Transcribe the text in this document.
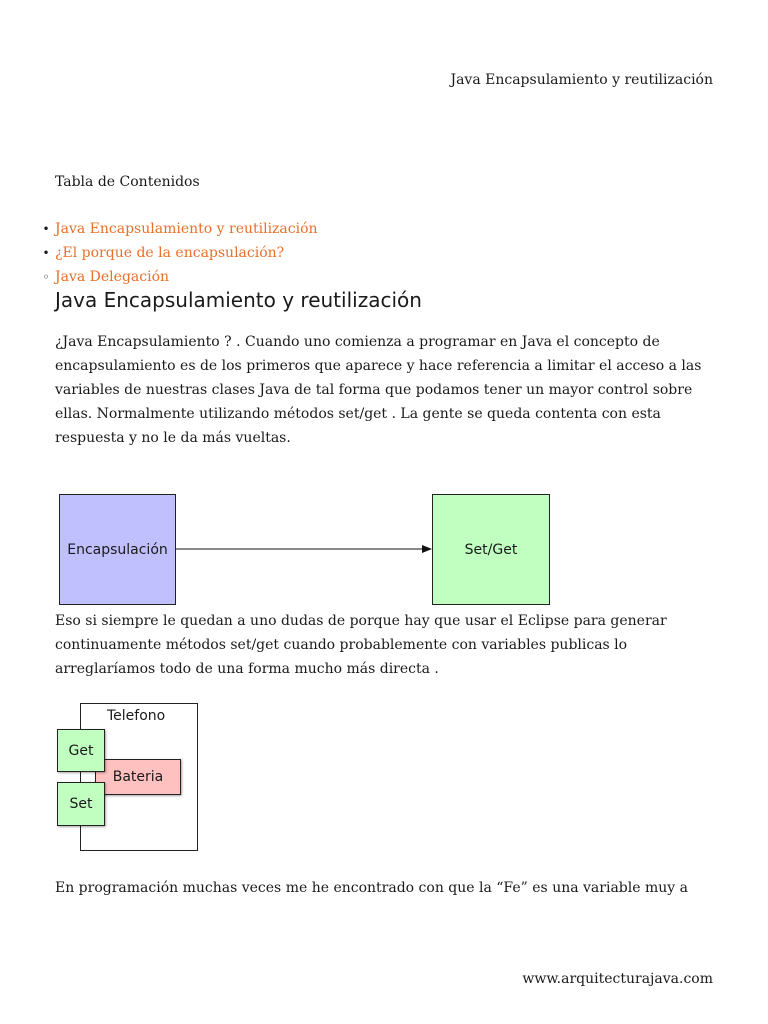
Java Encapsulamiento y reutilización
Tabla de Contenidos
• Java Encapsulamiento y reutilización
• ¿El porque de la encapsulación?
◦ Java Delegación
Java Encapsulamiento y reutilización

¿Java Encapsulamiento ? . Cuando uno comienza a programar en Java el concepto de encapsulamiento es de los primeros que aparece y hace referencia a limitar el acceso a las variables de nuestras clases Java de tal forma que podamos tener un mayor control sobre ellas. Normalmente utilizando métodos set/get . La gente se queda contenta con esta respuesta y no le da más vueltas.

Encapsulación	Set/Get

Eso si siempre le quedan a uno dudas de porque hay que usar el Eclipse para generar continuamente métodos set/get cuando probablemente con variables publicas lo arreglaríamos todo de una forma mucho más directa .

Telefono
Bateria
Get
Set

En programación muchas veces me he encontrado con que la “Fe” es una variable muy a

www.arquitecturajava.com
